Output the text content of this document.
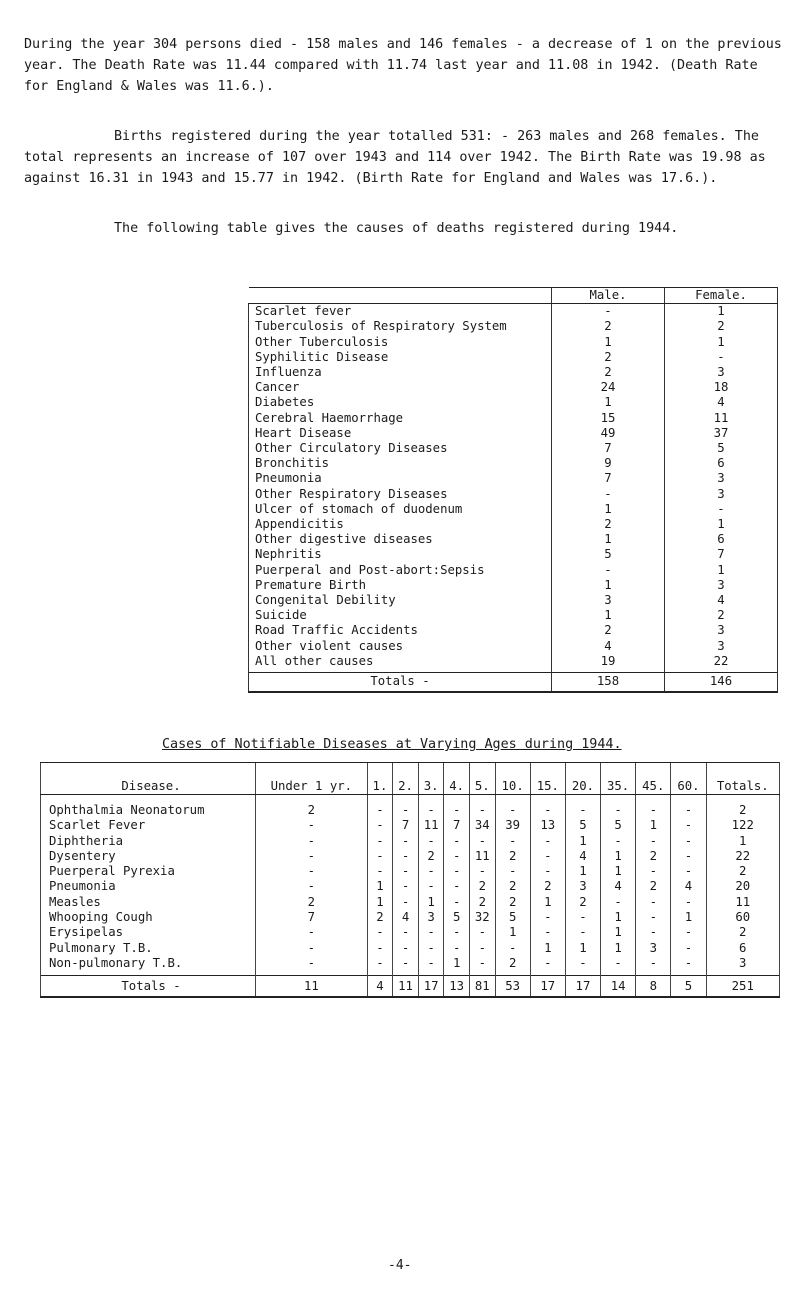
During the year 304 persons died - 158 males and 146 females - a decrease of 1 on the previous year. The Death Rate was 11.44 compared with 11.74 last year and 11.08 in 1942. (Death Rate for England & Wales was 11.6.).

Births registered during the year totalled 531: - 263 males and 268 females. The total represents an increase of 107 over 1943 and 114 over 1942. The Birth Rate was 19.98 as against 16.31 in 1943 and 15.77 in 1942. (Birth Rate for England and Wales was 17.6.).

The following table gives the causes of deaths registered during 1944.

	Male.	Female.
Scarlet fever	-	1
Tuberculosis of Respiratory System	2	2
Other Tuberculosis	1	1
Syphilitic Disease	2	-
Influenza	2	3
Cancer	24	18
Diabetes	1	4
Cerebral Haemorrhage	15	11
Heart Disease	49	37
Other Circulatory Diseases	7	5
Bronchitis	9	6
Pneumonia	7	3
Other Respiratory Diseases	-	3
Ulcer of stomach of duodenum	1	-
Appendicitis	2	1
Other digestive diseases	1	6
Nephritis	5	7
Puerperal and Post-abort:Sepsis	-	1
Premature Birth	1	3
Congenital Debility	3	4
Suicide	1	2
Road Traffic Accidents	2	3
Other violent causes	4	3
All other causes	19	22
Totals -	158	146
Cases of Notifiable Diseases at Varying Ages during 1944.
Disease.	Under 1 yr.	1.	2.	3.	4.	5.	10.	15.	20.	35.	45.	60.	Totals.
Ophthalmia Neonatorum	2	-	-	-	-	-	-	-	-	-	-	-	2
Scarlet Fever	-	-	7	11	7	34	39	13	5	5	1	-	122
Diphtheria	-	-	-	-	-	-	-	-	1	-	-	-	1
Dysentery	-	-	-	2	-	11	2	-	4	1	2	-	22
Puerperal Pyrexia	-	-	-	-	-	-	-	-	1	1	-	-	2
Pneumonia	-	1	-	-	-	2	2	2	3	4	2	4	20
Measles	2	1	-	1	-	2	2	1	2	-	-	-	11
Whooping Cough	7	2	4	3	5	32	5	-	-	1	-	1	60
Erysipelas	-	-	-	-	-	-	1	-	-	1	-	-	2
Pulmonary T.B.	-	-	-	-	-	-	-	1	1	1	3	-	6
Non-pulmonary T.B.	-	-	-	-	1	-	2	-	-	-	-	-	3
Totals -	11	4	11	17	13	81	53	17	17	14	8	5	251
-4-
